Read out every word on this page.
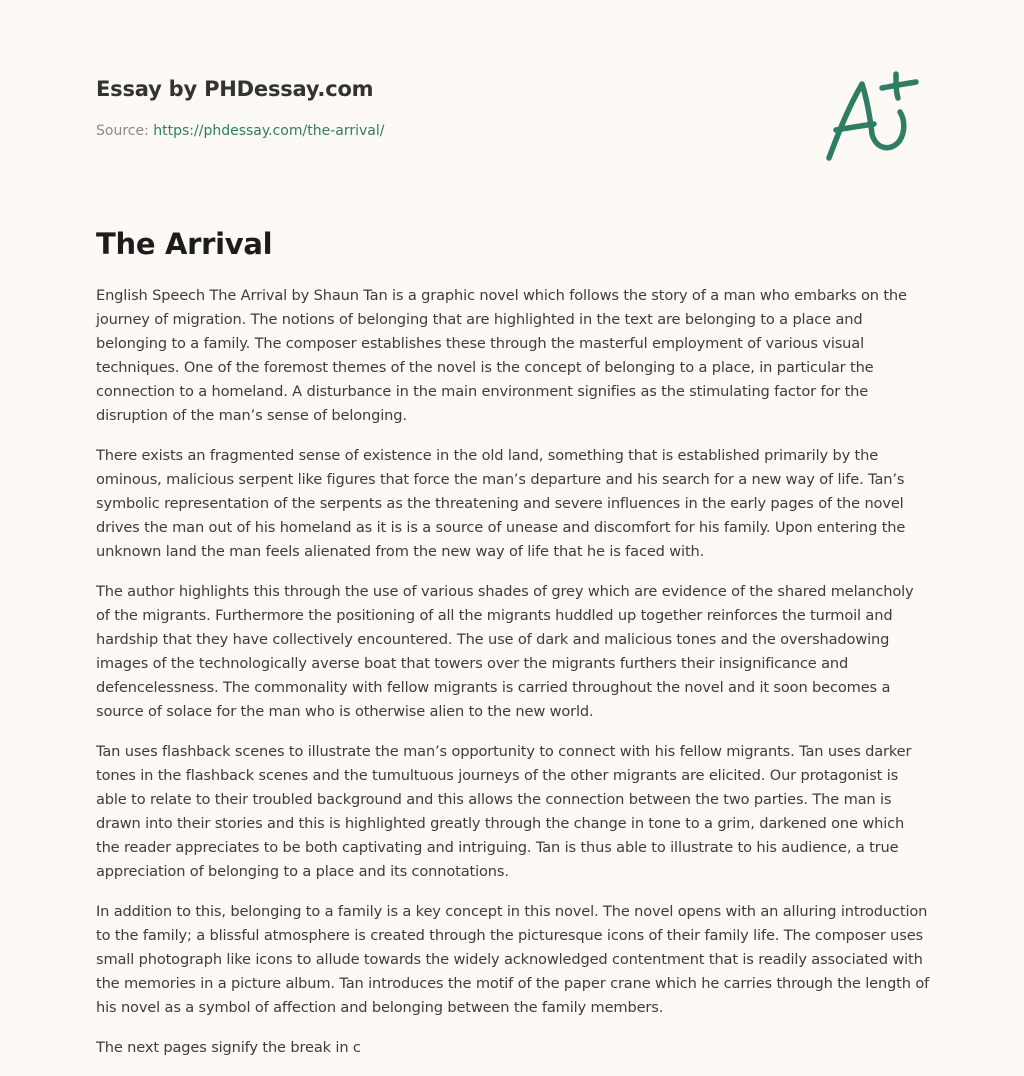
Essay by PHDessay.com
Source: https://phdessay.com/the-arrival/
The Arrival

English Speech The Arrival by Shaun Tan is a graphic novel which follows the story of a man who embarks on the journey of migration. The notions of belonging that are highlighted in the text are belonging to a place and belonging to a family. The composer establishes these through the masterful employment of various visual techniques. One of the foremost themes of the novel is the concept of belonging to a place, in particular the connection to a homeland. A disturbance in the main environment signifies as the stimulating factor for the disruption of the man’s sense of belonging.

There exists an fragmented sense of existence in the old land, something that is established primarily by the ominous, malicious serpent like figures that force the man’s departure and his search for a new way of life. Tan’s symbolic representation of the serpents as the threatening and severe influences in the early pages of the novel drives the man out of his homeland as it is is a source of unease and discomfort for his family. Upon entering the unknown land the man feels alienated from the new way of life that he is faced with.

The author highlights this through the use of various shades of grey which are evidence of the shared melancholy of the migrants. Furthermore the positioning of all the migrants huddled up together reinforces the turmoil and hardship that they have collectively encountered. The use of dark and malicious tones and the overshadowing images of the technologically averse boat that towers over the migrants furthers their insignificance and defencelessness. The commonality with fellow migrants is carried throughout the novel and it soon becomes a source of solace for the man who is otherwise alien to the new world.

Tan uses flashback scenes to illustrate the man’s opportunity to connect with his fellow migrants. Tan uses darker tones in the flashback scenes and the tumultuous journeys of the other migrants are elicited. Our protagonist is able to relate to their troubled background and this allows the connection between the two parties. The man is drawn into their stories and this is highlighted greatly through the change in tone to a grim, darkened one which the reader appreciates to be both captivating and intriguing. Tan is thus able to illustrate to his audience, a true appreciation of belonging to a place and its connotations.

In addition to this, belonging to a family is a key concept in this novel. The novel opens with an alluring introduction to the family; a blissful atmosphere is created through the picturesque icons of their family life. The composer uses small photograph like icons to allude towards the widely acknowledged contentment that is readily associated with the memories in a picture album. Tan introduces the motif of the paper crane which he carries through the length of his novel as a symbol of affection and belonging between the family members.

The next pages signify the break in c
